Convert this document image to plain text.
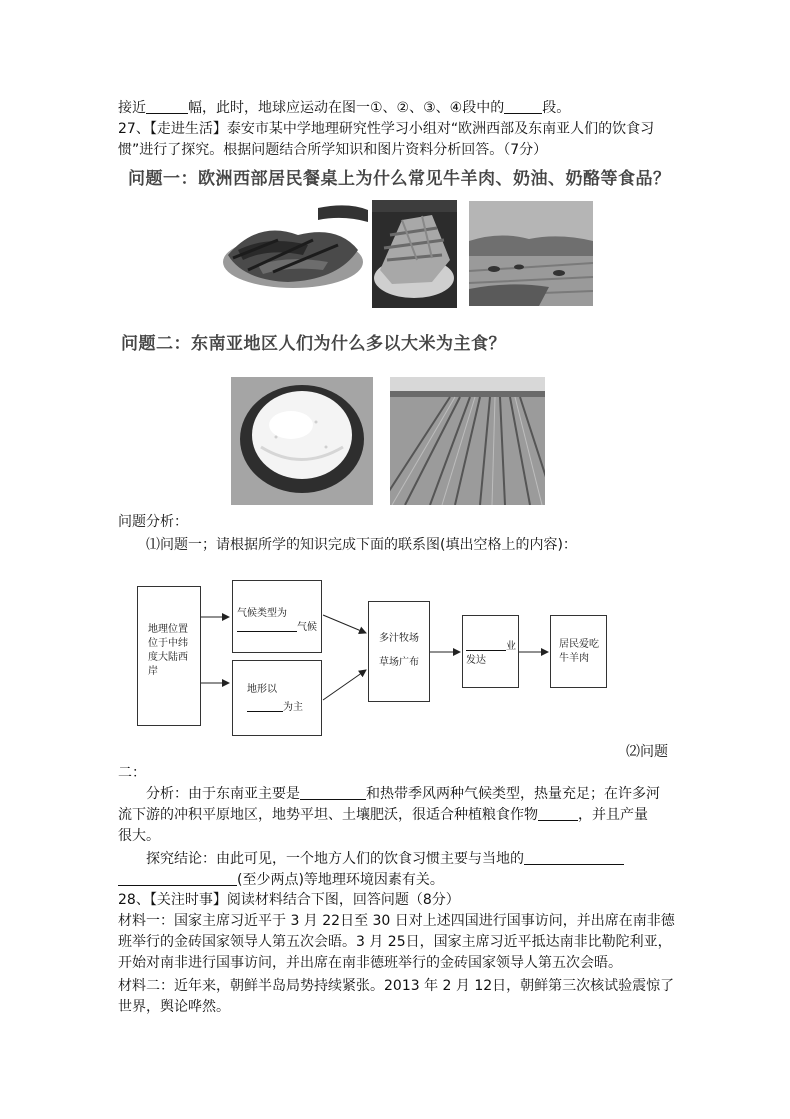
接近	幅，此时，地球应运动在图一①、②、③、④段中的	段。
27、【走进生活】泰安市某中学地理研究性学习小组对“欧洲西部及东南亚人们的饮食习
惯”进行了探究。根据问题结合所学知识和图片资料分析回答。（7分）
问题一：欧洲西部居民餐桌上为什么常见牛羊肉、奶油、奶酪等食品？
问题二：东南亚地区人们为什么多以大米为主食？
问题分析：
⑴问题一；请根据所学的知识完成下面的联系图(填出空格上的内容)：
地理位置位于中纬度大陆西岸
气候类型为
气候
地形以
为主
多汁牧场
草场广布
业
发达
居民爱吃牛羊肉
⑵问题
二：
分析：由于东南亚主要是	和热带季风两种气候类型，热量充足；在许多河
流下游的冲积平原地区，地势平坦、土壤肥沃，很适合种植粮食作物	，并且产量
很大。
探究结论：由此可见，一个地方人们的饮食习惯主要与当地的
(至少两点)等地理环境因素有关。
28、【关注时事】阅读材料结合下图，回答问题（8分）
材料一：国家主席习近平于 3 月 22日至 30 日对上述四国进行国事访问，并出席在南非德
班举行的金砖国家领导人第五次会晤。3 月 25日，国家主席习近平抵达南非比勒陀利亚，
开始对南非进行国事访问，并出席在南非德班举行的金砖国家领导人第五次会晤。
材料二：近年来，朝鲜半岛局势持续紧张。2013 年 2 月 12日，朝鲜第三次核试验震惊了
世界，舆论哗然。
